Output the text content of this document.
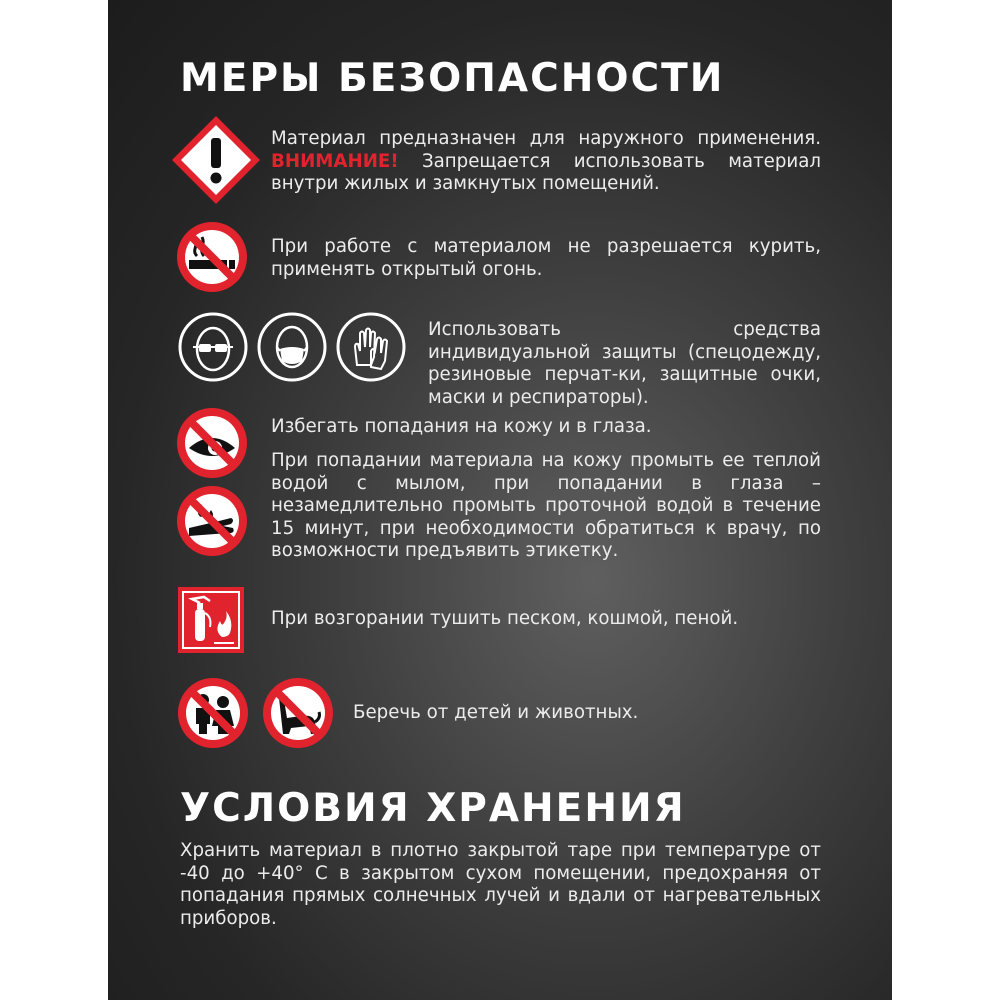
МЕРЫ БЕЗОПАСНОСТИ
Материал предназначен для наружного применения. ВНИМАНИЕ! Запрещается использовать материал внутри жилых и замкнутых помещений.
При работе с материалом не разрешается курить, применять открытый огонь.
Использовать средства индивидуальной защиты (спецодежду, резиновые перчат-ки, защитные очки, маски и респираторы).
Избегать попадания на кожу и в глаза.
При попадании материала на кожу промыть ее теплой водой с мылом, при попадании в глаза – незамедлительно промыть проточной водой в течение 15 минут, при необходимости обратиться к врачу, по возможности предъявить этикетку.
При возгорании тушить песком, кошмой, пеной.
Беречь от детей и животных.
УСЛОВИЯ ХРАНЕНИЯ
Хранить материал в плотно закрытой таре при температуре от -40 до +40° С в закрытом сухом помещении, предохраняя от попадания прямых солнечных лучей и вдали от нагревательных приборов.
